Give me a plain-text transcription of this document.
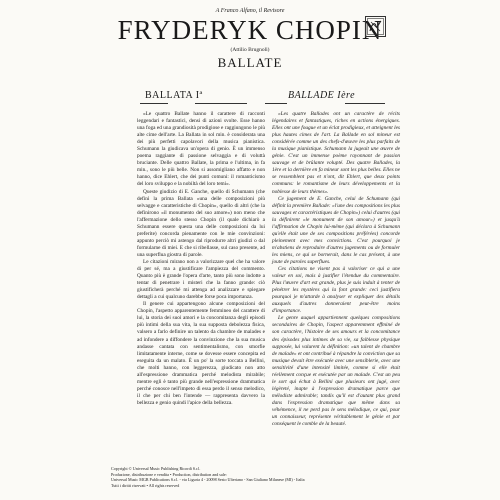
A Franco Alfano, il Revisore
FRYDERYK CHOPIN
(Attilio Brugnoli)
BALLATE
BALLATA Iª	BALLADE Ière

«Le quattro Ballate hanno il carattere di racconti leggendari e fantastici, densi di azioni svolte. Esse hanno una foga ed una grandiosità prodigiose e raggiungono le più alte cime dell'arte. La Ballata in sol min. è considerata una dei più perfetti capolavori della musica pianistica. Schumann la giudicava un'opera di genio. È un immenso poema raggiante di passione selvaggia e di voluttà bruciante. Delle quattro Ballate, la prima e l'ultima, in fa min., sono le più belle. Non si assomigliano affatto e non hanno, dice Ehlert, che dei punti comuni: il romanticismo del loro sviluppo e la nobiltà del loro temi».

Queste giudizio di E. Ganche, quello di Schumann (che definì la prima Ballata «una delle composizioni più selvagge e caratteristiche di Chopin», quello di altri (che la definirono «il monumento del suo amore») non meno che l'affermazione dello stesso Chopin (il quale dichiarò a Schumann essere questa una delle composizioni da lui preferite) concorda pienamente con le mie convinzioni: appunto perciò mi astengo dal riprodurre altri giudizi o dal formularne di miei. E che si ribellasse, sul caso presente, ad una superflua giostra di parole.

Le citazioni mirano non a valorizzare quel che ha valore di per sé, ma a giustificare l'ampiezza del commento. Quanto più è grande l'opera d'arte, tanto più sono indotte a tentar di penetrare i misteri che la fanno grande: ciò giustificherà perché mi attenga ad analizzare e spiegare dettagli a cui qualcuno darebbe forse poca importanza.

Il genere cui appartengono alcune composizioni del Chopin, l'aspetto apparentemente femmineo del carattere di lui, la storia dei suoi amori e la concomitanza degli episodi più intimi della sua vita, la sua supposta debolezza fisica, valsero a farlo definire un talento da chambre de malades e ad infondere a diffondere la convinzione che la sua musica andasse cantata con sentimentalismo, con smorfie limitatamente interne, come se dovesse essere concepita ed eseguita da un malato. È un po' la sorte toccata a Bellini, che molti hanno, con leggerezza, giudicato non atto all'espressione drammatica perché melodista mirabile; mentre egli è tanto più grande nell'espressione drammatica perché conosce nell'impeto di essa perdo il senso melodico, il che per chi ben l'intende — rappresenta davvero la bellezza e genio quindi l'apice della bellezza.

«Les quatre Ballades ont un caractère de récits légendaires et fantastiques, riches en actions énergiques. Elles ont une fougue et un éclat prodigieux, et atteignent les plus hautes cimes de l'art. La Ballade en sol mineur est considérée comme un des chefs-d'œuvre les plus parfaits de la musique pianistique. Schumann la jugeait une œuvre de génie. C'est un immense poème rayonnant de passion sauvage et de brûlante volupté. Des quatre Ballades, la 1ère et la dernière en fa mineur sont les plus belles. Elles ne se ressemblent pas et n'ont, dit Ehlert, que deux points communs: le romantisme de leurs développements et la noblesse de leurs thèmes».

Ce jugement de E. Ganche, celui de Schumann (qui définit la première Ballade: «l'une des compositions les plus sauvages et caractéristiques de Chopin») celui d'autres (qui la définirent «le monument de son amour») et jusqu'à l'affirmation de Chopin lui-même (qui déclara à Schumann qu'elle était une de ses compositions préférées) concorde pleinement avec mes convictions. C'est pourquoi je m'abstiens de reproduire d'autres jugements ou de formuler les miens, ce qui se bornerait, dans le cas présent, à une joute de paroles superflues.

Ces citations ne visent pas à valoriser ce qui a une valeur en soi, mais à justifier l'étendue du commentaire. Plus l'œuvre d'art est grande, plus je suis induit à tenter de pénétrer les mystères qui la font grande: ceci justifiera pourquoi je m'attarde à analyser et expliquer des détails auxquels d'autres donneraient peut-être moins d'importance.

Le genre auquel appartiennent quelques compositions secondaires de Chopin, l'aspect apparemment effminé de son caractère, l'histoire de ses amours et la concomitance des épisodes plus intimes de sa vie, sa faiblesse physique supposée, lui valurent la définition: «un talent de chambre de malade» et ont contribué à répandre la conviction que sa musique devait être exécutée avec une sensiblerie, avec une sensitivité d'une intensité limitée, comme si elle était réellement conçue et exécutée par un malade. C'est un peu le sort qui échut à Bellini que plusieurs ont jugé, avec légèreté, inapte à l'expression dramatique parce que mélodiste admirable; tandis qu'il est d'autant plus grand dans l'expression dramatique que même dans sa véhémence, il ne perd pas le sens mélodique, ce qui, pour un connaisseur, représente véritablement le génie et par conséquent le comble de la beauté.

Copyright © Universal Music Publishing Ricordi S.r.l.
Produzione, distribuzione e vendita • Production, distribution and sale:
Universal Music MGB Publications S.r.l. - via Liguria 4 - 20098 Sesto Ulteriano - San Giuliano Milanese (MI) - Italia
Tutti i diritti riservati • All rights reserved
